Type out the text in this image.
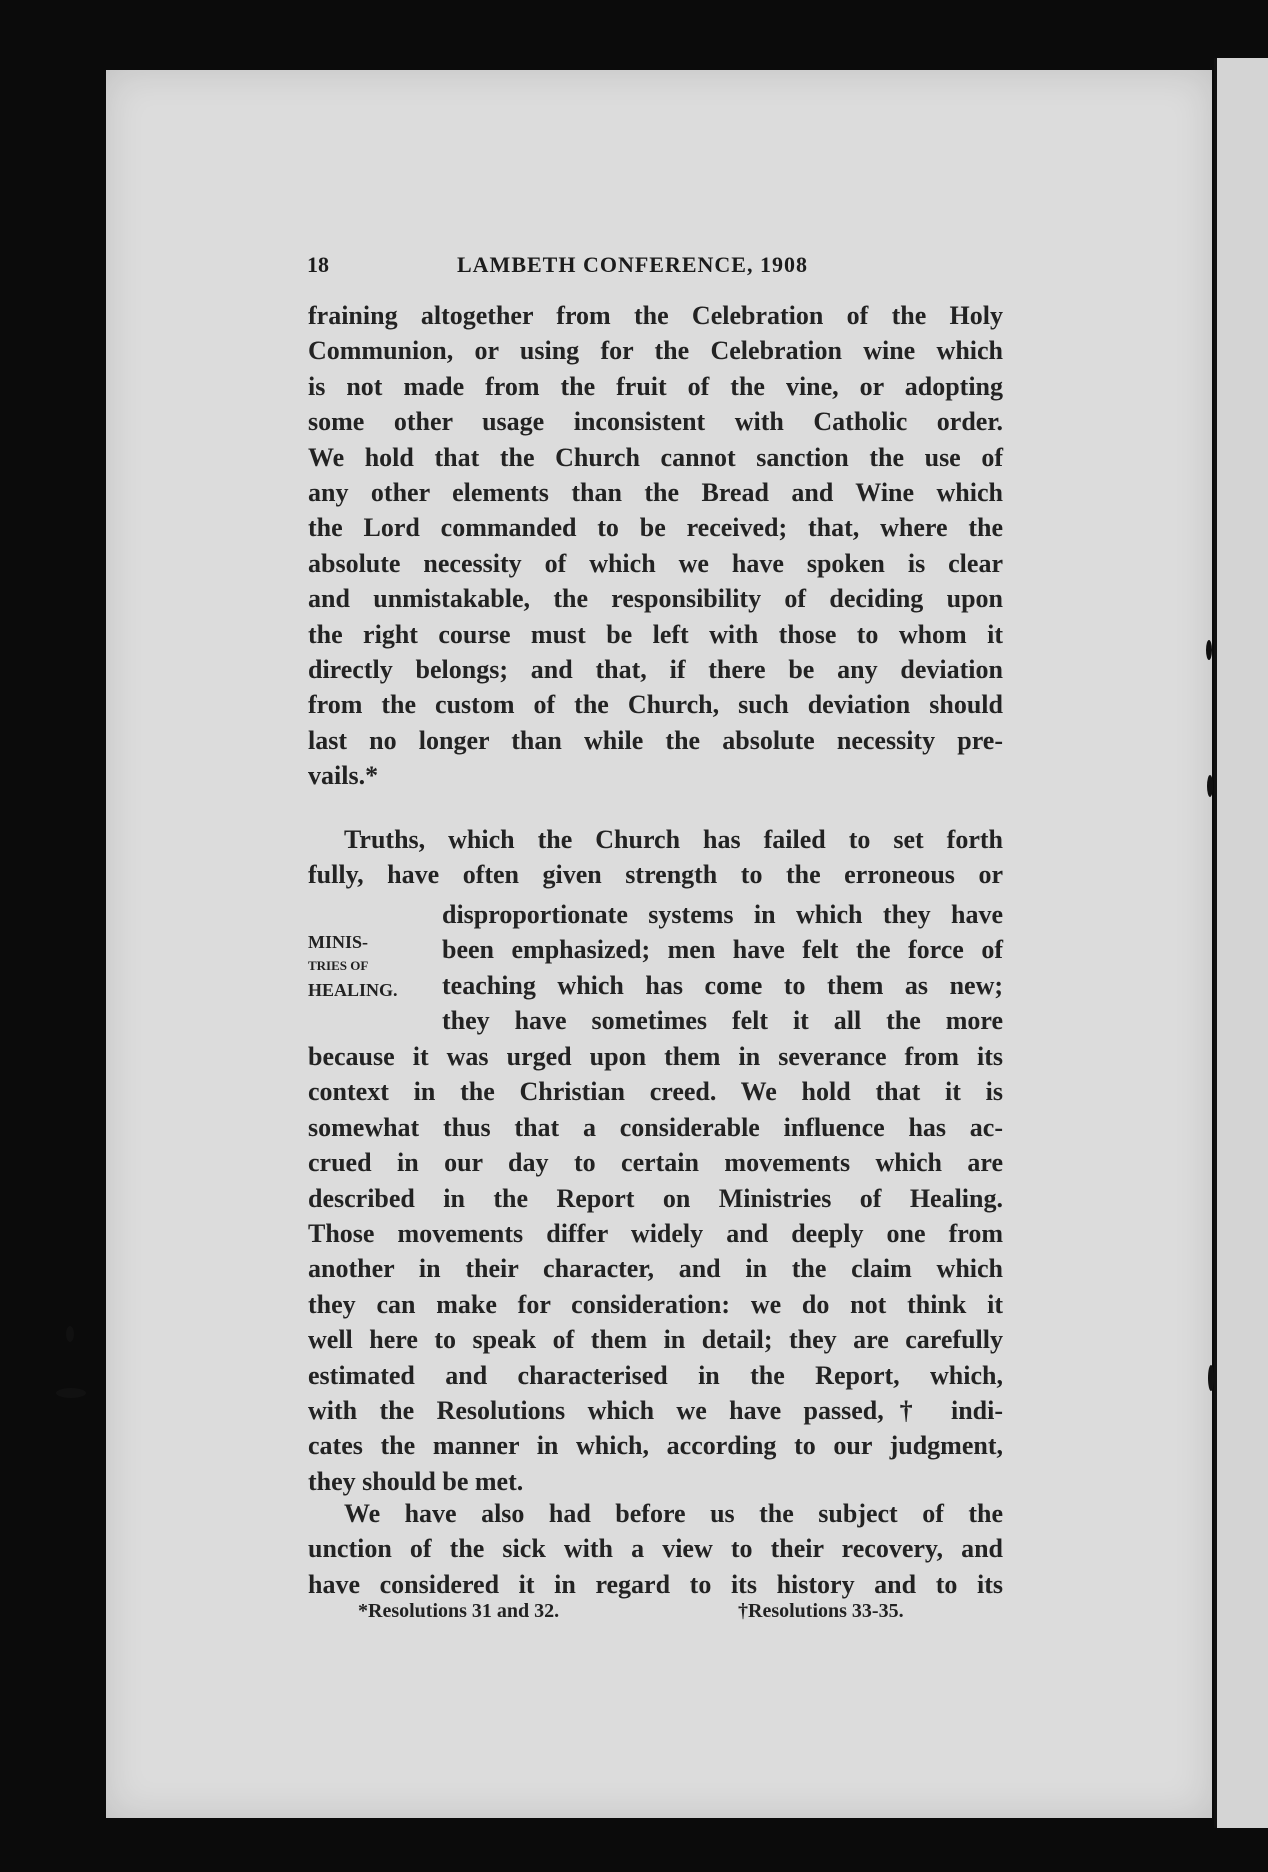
18	LAMBETH CONFERENCE, 1908
fraining altogether from the Celebration of the Holy
Communion, or using for the Celebration wine which
is not made from the fruit of the vine, or adopting
some other usage inconsistent with Catholic order.
We hold that the Church cannot sanction the use of
any other elements than the Bread and Wine which
the Lord commanded to be received; that, where the
absolute necessity of which we have spoken is clear
and unmistakable, the responsibility of deciding upon
the right course must be left with those to whom it
directly belongs; and that, if there be any deviation
from the custom of the Church, such deviation should
last no longer than while the absolute necessity pre-
vails.*
Truths, which the Church has failed to set forth
fully, have often given strength to the erroneous or
MINIS-
TRIES OF
HEALING.
disproportionate systems in which they have
been emphasized; men have felt the force of
teaching which has come to them as new;
they have sometimes felt it all the more
because it was urged upon them in severance from its
context in the Christian creed. We hold that it is
somewhat thus that a considerable influence has ac-
crued in our day to certain movements which are
described in the Report on Ministries of Healing.
Those movements differ widely and deeply one from
another in their character, and in the claim which
they can make for consideration: we do not think it
well here to speak of them in detail; they are carefully
estimated and characterised in the Report, which,
with the Resolutions which we have passed,† indi-
cates the manner in which, according to our judgment,
they should be met.
We have also had before us the subject of the
unction of the sick with a view to their recovery, and
have considered it in regard to its history and to its
*Resolutions 31 and 32.	†Resolutions 33-35.
